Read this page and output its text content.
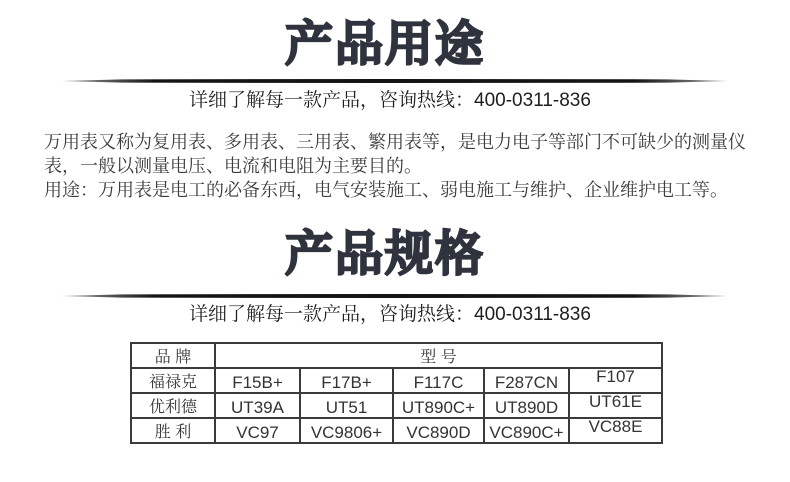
产品用途
详细了解每一款产品，咨询热线：400-0311-836

万用表又称为复用表、多用表、三用表、繁用表等，是电力电子等部门不可缺少的测量仪表，一般以测量电压、电流和电阻为主要目的。

用途：万用表是电工的必备东西，电气安装施工、弱电施工与维护、企业维护电工等。

产品规格
详细了解每一款产品，咨询热线：400-0311-836
品 牌	型 号				
福禄克	F15B+	F17B+	F117C	F287CN	F107
优利德	UT39A	UT51	UT890C+	UT890D	UT61E
胜 利	VC97	VC9806+	VC890D	VC890C+	VC88E
